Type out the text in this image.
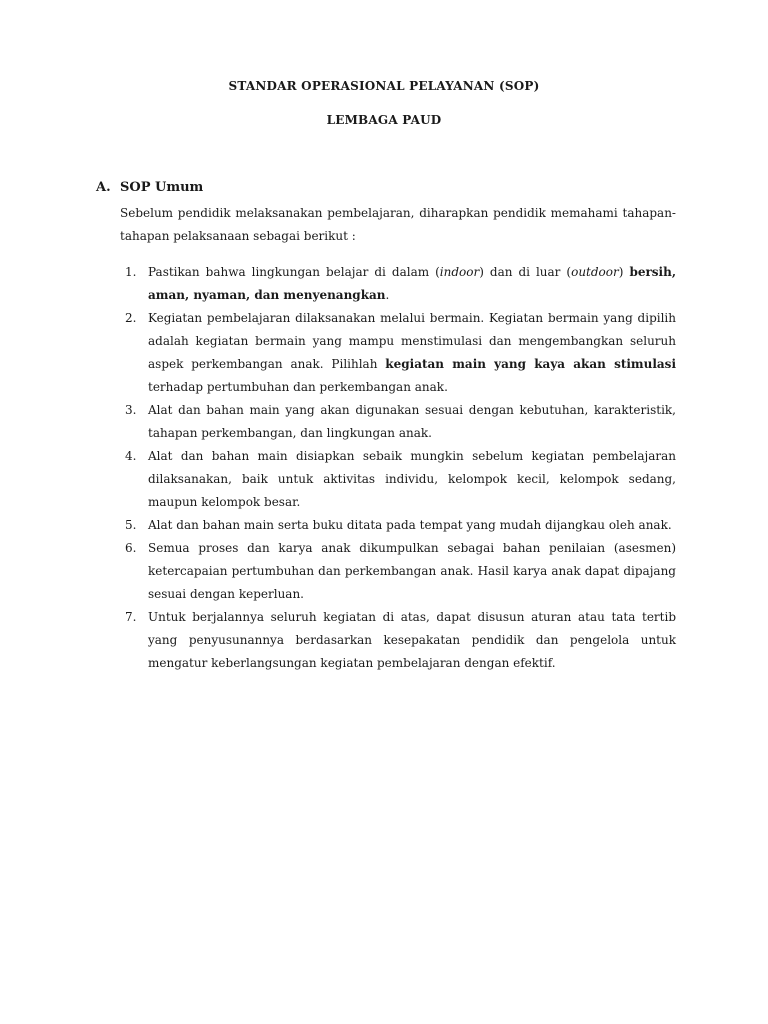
STANDAR OPERASIONAL PELAYANAN (SOP)
LEMBAGA PAUD
A. SOP Umum
Sebelum pendidik melaksanakan pembelajaran, diharapkan pendidik memahami tahapan-tahapan pelaksanaan sebagai berikut :
1. Pastikan bahwa lingkungan belajar di dalam (indoor) dan di luar (outdoor) bersih, aman, nyaman, dan menyenangkan.
2. Kegiatan pembelajaran dilaksanakan melalui bermain. Kegiatan bermain yang dipilih adalah kegiatan bermain yang mampu menstimulasi dan mengembangkan seluruh aspek perkembangan anak. Pilihlah kegiatan main yang kaya akan stimulasi terhadap pertumbuhan dan perkembangan anak.
3. Alat dan bahan main yang akan digunakan sesuai dengan kebutuhan, karakteristik, tahapan perkembangan, dan lingkungan anak.
4. Alat dan bahan main disiapkan sebaik mungkin sebelum kegiatan pembelajaran dilaksanakan, baik untuk aktivitas individu, kelompok kecil, kelompok sedang, maupun kelompok besar.
5. Alat dan bahan main serta buku ditata pada tempat yang mudah dijangkau oleh anak.
6. Semua proses dan karya anak dikumpulkan sebagai bahan penilaian (asesmen) ketercapaian pertumbuhan dan perkembangan anak. Hasil karya anak dapat dipajang sesuai dengan keperluan.
7. Untuk berjalannya seluruh kegiatan di atas, dapat disusun aturan atau tata tertib yang penyusunannya berdasarkan kesepakatan pendidik dan pengelola untuk mengatur keberlangsungan kegiatan pembelajaran dengan efektif.
